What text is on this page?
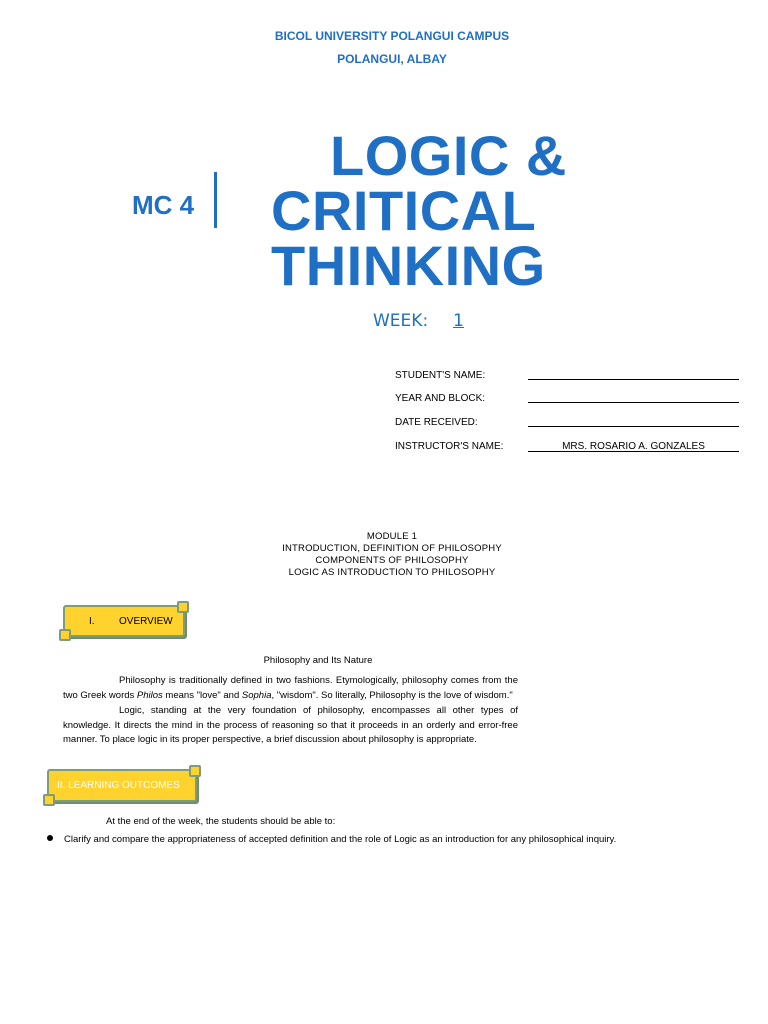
BICOL UNIVERSITY POLANGUI CAMPUS
POLANGUI, ALBAY
MC 4
LOGIC &
CRITICAL
THINKING
WEEK: 1
STUDENT'S NAME:
YEAR AND BLOCK:
DATE RECEIVED:
INSTRUCTOR'S NAME:	MRS. ROSARIO A. GONZALES
MODULE 1
INTRODUCTION, DEFINITION OF PHILOSOPHY
COMPONENTS OF PHILOSOPHY
LOGIC AS INTRODUCTION TO PHILOSOPHY
I.	OVERVIEW
Philosophy and Its Nature
Philosophy is traditionally defined in two fashions. Etymologically, philosophy comes from the two Greek words Philos means "love" and Sophia, "wisdom". So literally, Philosophy is the love of wisdom."
Logic, standing at the very foundation of philosophy, encompasses all other types of knowledge. It directs the mind in the process of reasoning so that it proceeds in an orderly and error-free manner. To place logic in its proper perspective, a brief discussion about philosophy is appropriate.
II. LEARNING OUTCOMES
At the end of the week, the students should be able to:
Clarify and compare the appropriateness of accepted definition and the role of Logic as an introduction for any philosophical inquiry.
